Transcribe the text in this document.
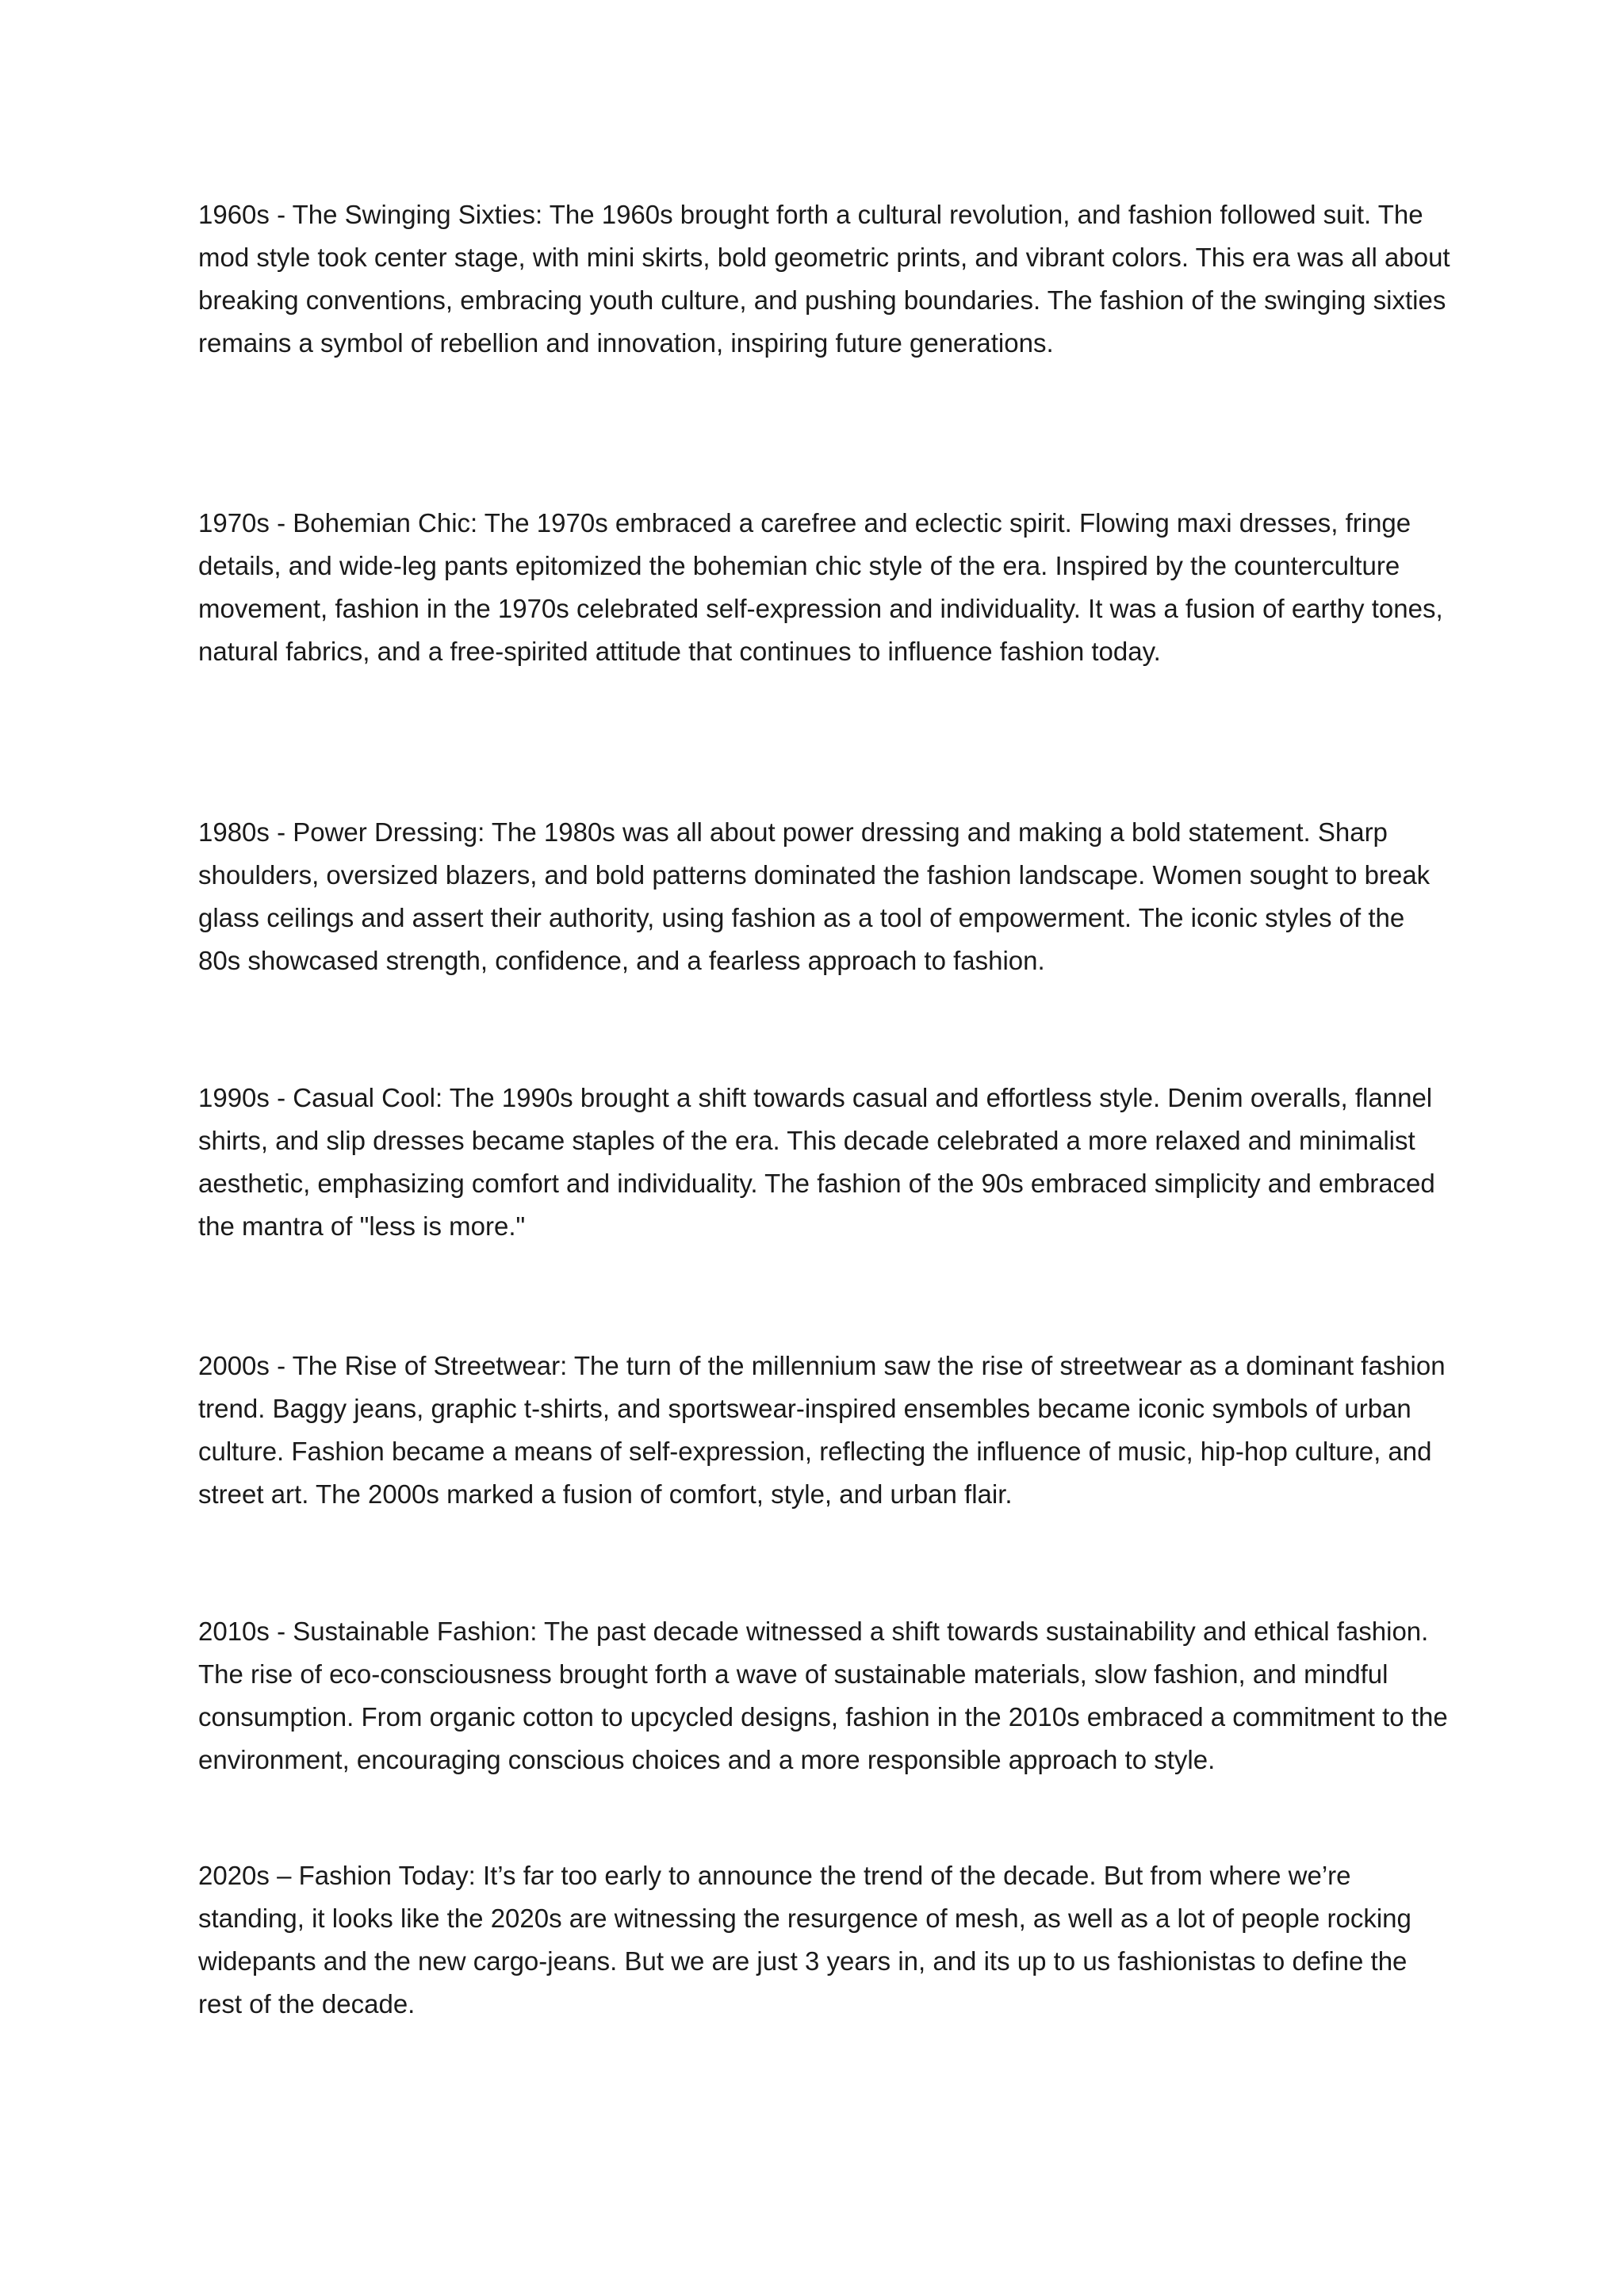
1960s - The Swinging Sixties: The 1960s brought forth a cultural revolution, and fashion followed suit. The mod style took center stage, with mini skirts, bold geometric prints, and vibrant colors. This era was all about breaking conventions, embracing youth culture, and pushing boundaries. The fashion of the swinging sixties remains a symbol of rebellion and innovation, inspiring future generations.

1970s - Bohemian Chic: The 1970s embraced a carefree and eclectic spirit. Flowing maxi dresses, fringe details, and wide-leg pants epitomized the bohemian chic style of the era. Inspired by the counterculture movement, fashion in the 1970s celebrated self-expression and individuality. It was a fusion of earthy tones, natural fabrics, and a free-spirited attitude that continues to influence fashion today.

1980s - Power Dressing: The 1980s was all about power dressing and making a bold statement. Sharp shoulders, oversized blazers, and bold patterns dominated the fashion landscape. Women sought to break glass ceilings and assert their authority, using fashion as a tool of empowerment. The iconic styles of the 80s showcased strength, confidence, and a fearless approach to fashion.

1990s - Casual Cool: The 1990s brought a shift towards casual and effortless style. Denim overalls, flannel shirts, and slip dresses became staples of the era. This decade celebrated a more relaxed and minimalist aesthetic, emphasizing comfort and individuality. The fashion of the 90s embraced simplicity and embraced the mantra of "less is more."

2000s - The Rise of Streetwear: The turn of the millennium saw the rise of streetwear as a dominant fashion trend. Baggy jeans, graphic t-shirts, and sportswear-inspired ensembles became iconic symbols of urban culture. Fashion became a means of self-expression, reflecting the influence of music, hip-hop culture, and street art. The 2000s marked a fusion of comfort, style, and urban flair.

2010s - Sustainable Fashion: The past decade witnessed a shift towards sustainability and ethical fashion. The rise of eco-consciousness brought forth a wave of sustainable materials, slow fashion, and mindful consumption. From organic cotton to upcycled designs, fashion in the 2010s embraced a commitment to the environment, encouraging conscious choices and a more responsible approach to style.

2020s – Fashion Today: It’s far too early to announce the trend of the decade. But from where we’re standing, it looks like the 2020s are witnessing the resurgence of mesh, as well as a lot of people rocking widepants and the new cargo-jeans. But we are just 3 years in, and its up to us fashionistas to define the rest of the decade.
